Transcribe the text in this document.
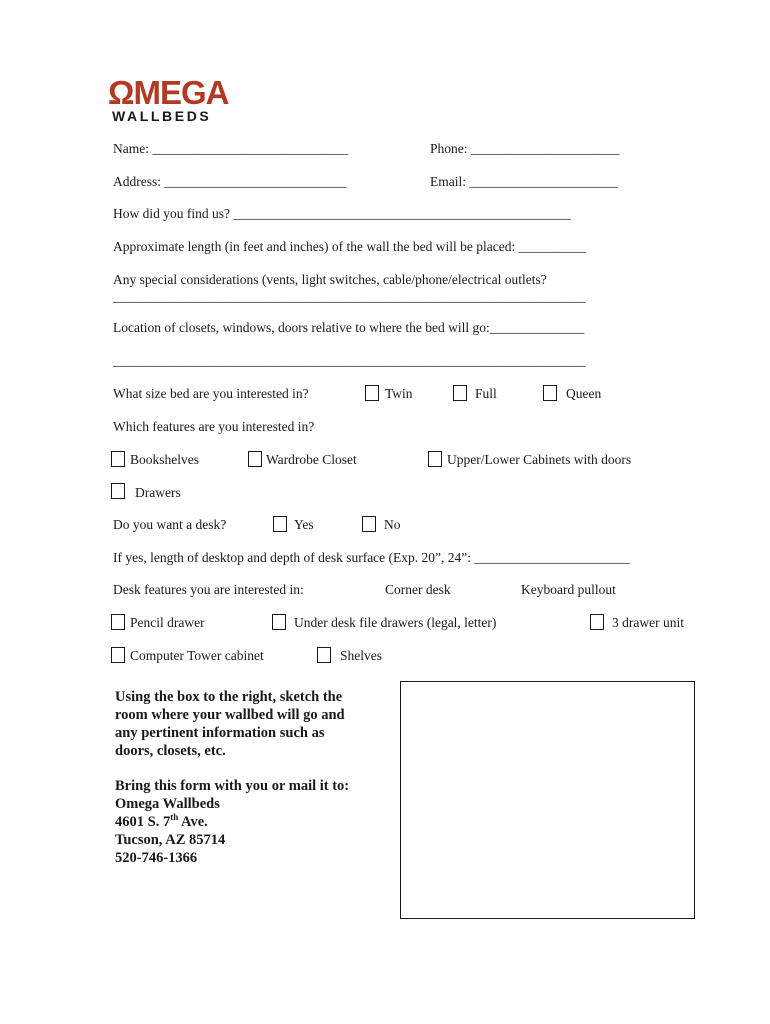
ΩMEGA
WALLBEDS
Name: _____________________________	Phone: ______________________
Address: ___________________________	Email: ______________________
How did you find us? __________________________________________________
Approximate length (in feet and inches) of the wall the bed will be placed: __________
Any special considerations (vents, light switches, cable/phone/electrical outlets?
______________________________________________________________________
Location of closets, windows, doors relative to where the bed will go:______________
______________________________________________________________________
What size bed are you interested in?	Twin	Full	Queen
Which features are you interested in?
Bookshelves	Wardrobe Closet	Upper/Lower Cabinets with doors
Drawers
Do you want a desk?	Yes	No
If yes, length of desktop and depth of desk surface (Exp. 20”, 24”: _______________________
Desk features you are interested in:	Corner desk	Keyboard pullout
Pencil drawer	Under desk file drawers (legal, letter)	3 drawer unit
Computer Tower cabinet	Shelves
Using the box to the right, sketch the
room where your wallbed will go and
any pertinent information such as
doors, closets, etc.
Bring this form with you or mail it to:
Omega Wallbeds
4601 S. 7th Ave.
Tucson, AZ 85714
520-746-1366
